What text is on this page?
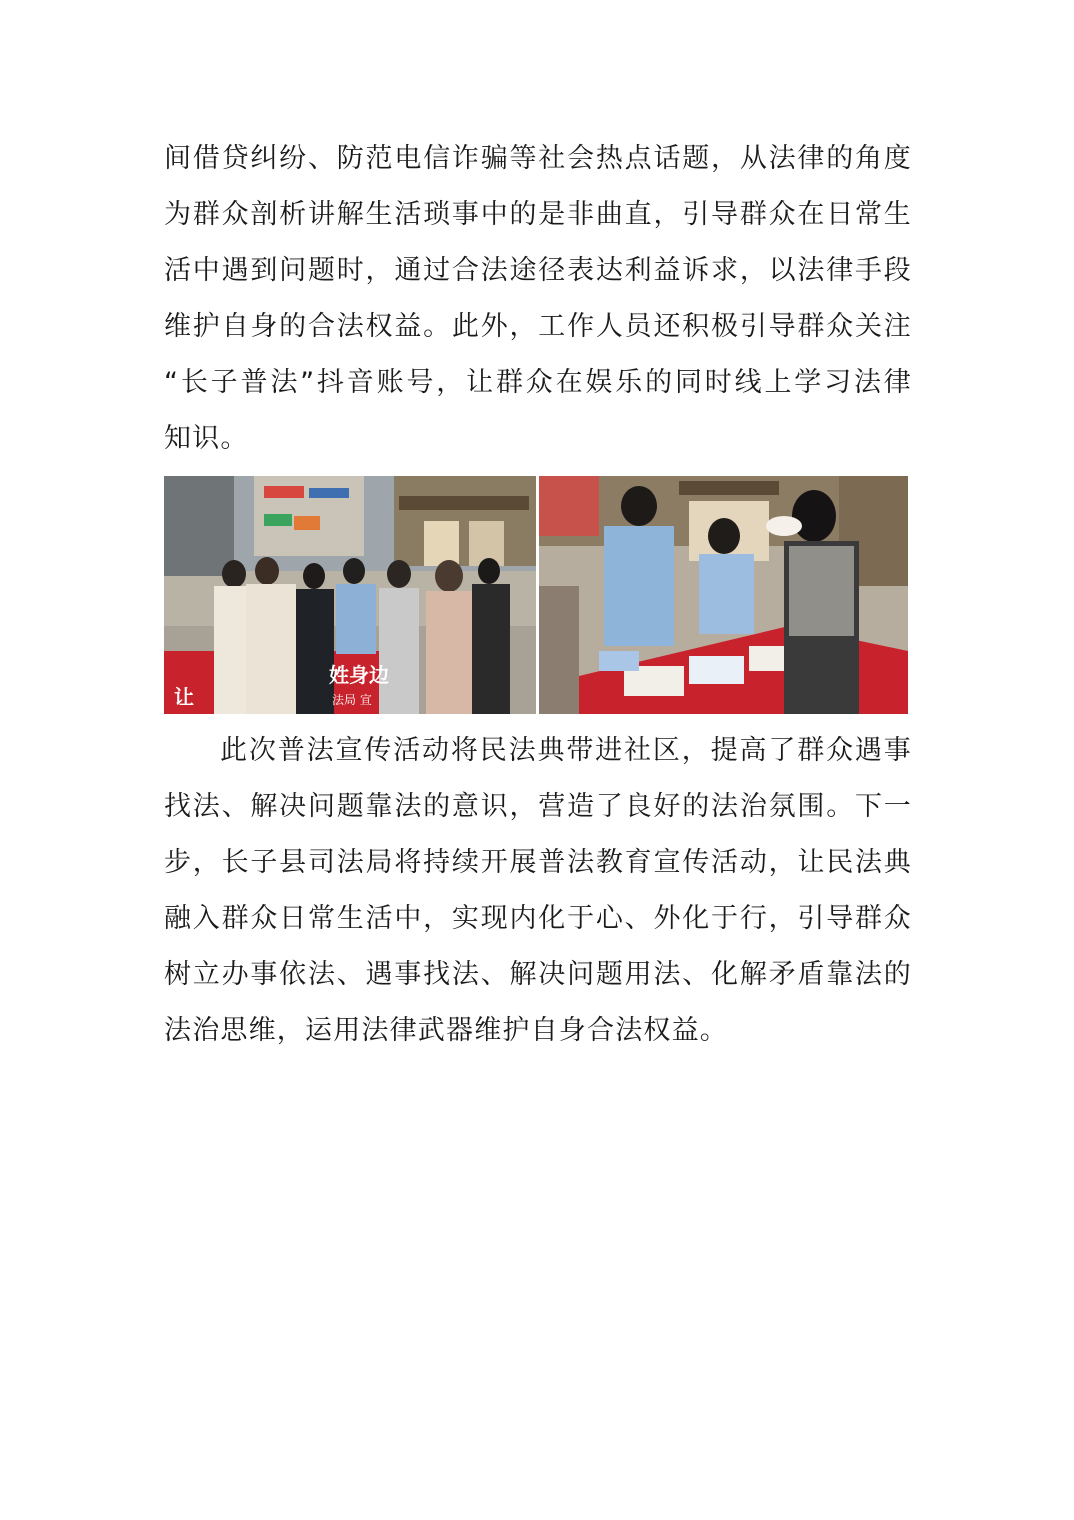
间借贷纠纷、防范电信诈骗等社会热点话题，从法律的角度
为群众剖析讲解生活琐事中的是非曲直，引导群众在日常生
活中遇到问题时，通过合法途径表达利益诉求，以法律手段
维护自身的合法权益。此外，工作人员还积极引导群众关注
“长子普法”抖音账号，让群众在娱乐的同时线上学习法律
知识。
姓身边
法局 宣
让
此次普法宣传活动将民法典带进社区，提高了群众遇事
找法、解决问题靠法的意识，营造了良好的法治氛围。下一
步，长子县司法局将持续开展普法教育宣传活动，让民法典
融入群众日常生活中，实现内化于心、外化于行，引导群众
树立办事依法、遇事找法、解决问题用法、化解矛盾靠法的
法治思维，运用法律武器维护自身合法权益。
